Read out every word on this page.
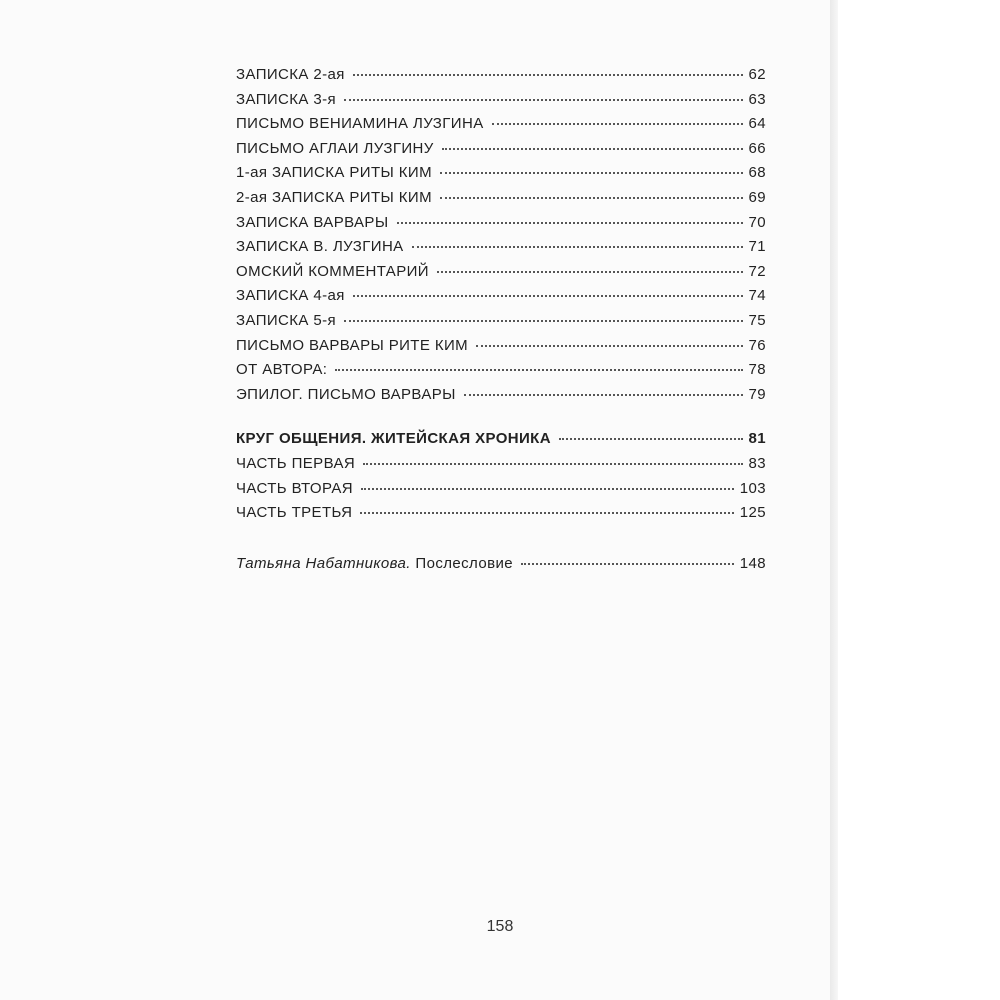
ЗАПИСКА 2-ая	62
ЗАПИСКА 3-я	63
ПИСЬМО ВЕНИАМИНА ЛУЗГИНА	64
ПИСЬМО АГЛАИ ЛУЗГИНУ	66
1-ая ЗАПИСКА РИТЫ КИМ	68
2-ая ЗАПИСКА РИТЫ КИМ	69
ЗАПИСКА ВАРВАРЫ	70
ЗАПИСКА В. ЛУЗГИНА	71
ОМСКИЙ КОММЕНТАРИЙ	72
ЗАПИСКА 4-ая	74
ЗАПИСКА 5-я	75
ПИСЬМО ВАРВАРЫ РИТЕ КИМ	76
ОТ АВТОРА:	78
ЭПИЛОГ. ПИСЬМО ВАРВАРЫ	79
КРУГ ОБЩЕНИЯ. ЖИТЕЙСКАЯ ХРОНИКА	81
ЧАСТЬ ПЕРВАЯ	83
ЧАСТЬ ВТОРАЯ	103
ЧАСТЬ ТРЕТЬЯ	125
Татьяна Набатникова. Послесловие	148
158
